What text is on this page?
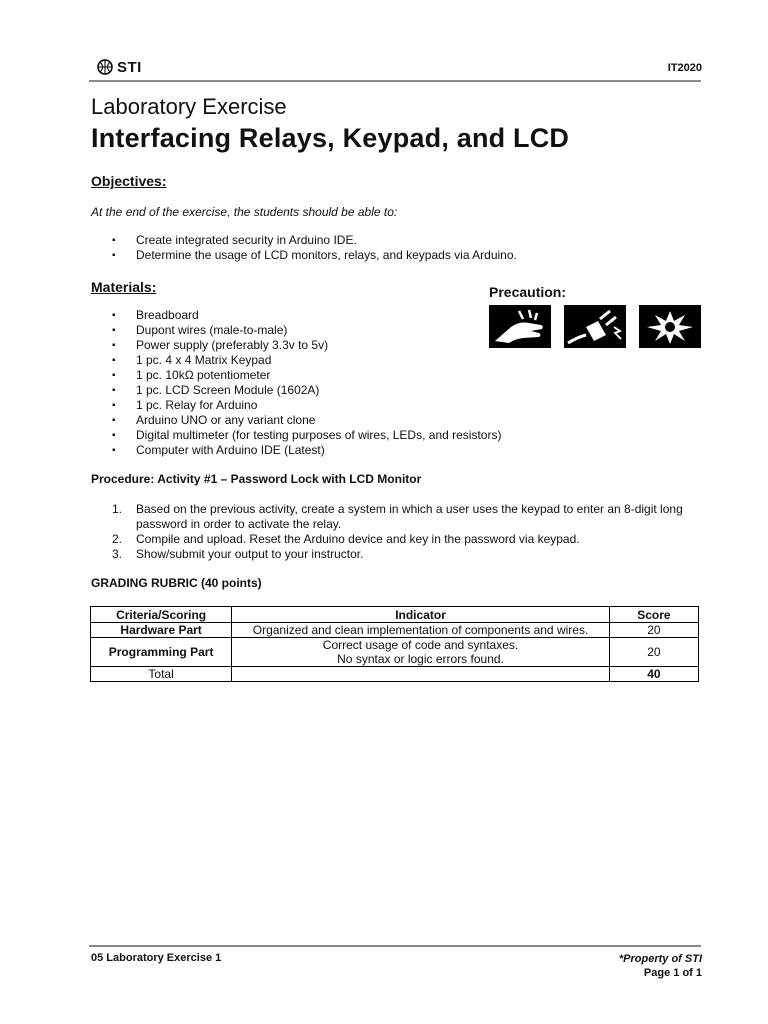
STI	IT2020
Laboratory Exercise
Interfacing Relays, Keypad, and LCD
Objectives:
At the end of the exercise, the students should be able to:
▪ Create integrated security in Arduino IDE.
▪ Determine the usage of LCD monitors, relays, and keypads via Arduino.
Materials:
▪ Breadboard
▪ Dupont wires (male-to-male)
▪ Power supply (preferably 3.3v to 5v)
▪ 1 pc. 4 x 4 Matrix Keypad
▪ 1 pc. 10kΩ potentiometer
▪ 1 pc. LCD Screen Module (1602A)
▪ 1 pc. Relay for Arduino
▪ Arduino UNO or any variant clone
▪ Digital multimeter (for testing purposes of wires, LEDs, and resistors)
▪ Computer with Arduino IDE (Latest)
Precaution:
Procedure: Activity #1 – Password Lock with LCD Monitor
1.	Based on the previous activity, create a system in which a user uses the keypad to enter an 8-digit long password in order to activate the relay.
2.	Compile and upload. Reset the Arduino device and key in the password via keypad.
3.	Show/submit your output to your instructor.
GRADING RUBRIC (40 points)
Criteria/Scoring	Indicator	Score
Hardware Part	Organized and clean implementation of components and wires.	20
Programming Part	Correct usage of code and syntaxes.
No syntax or logic errors found.	20
Total		40
05 Laboratory Exercise 1	*Property of STI
Page 1 of 1
